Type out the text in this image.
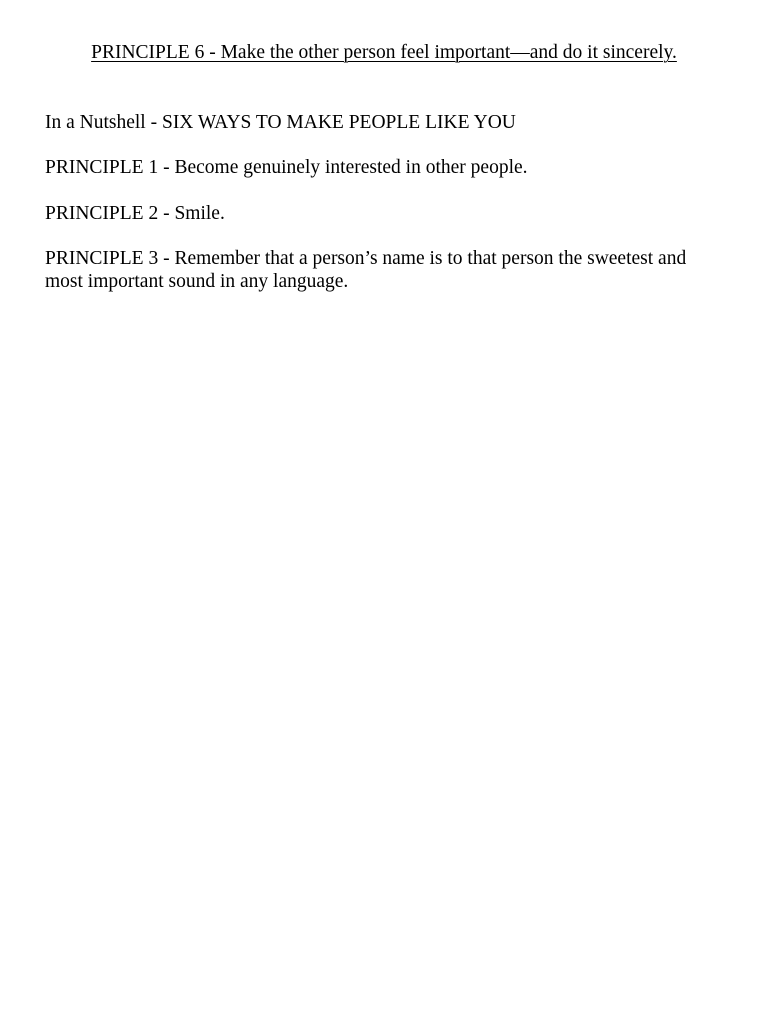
PRINCIPLE 6 - Make the other person feel important—and do it sincerely.

In a Nutshell - SIX WAYS TO MAKE PEOPLE LIKE YOU

PRINCIPLE 1 - Become genuinely interested in other people.

PRINCIPLE 2 - Smile.

PRINCIPLE 3 - Remember that a person’s name is to that person the sweetest and most important sound in any language.
